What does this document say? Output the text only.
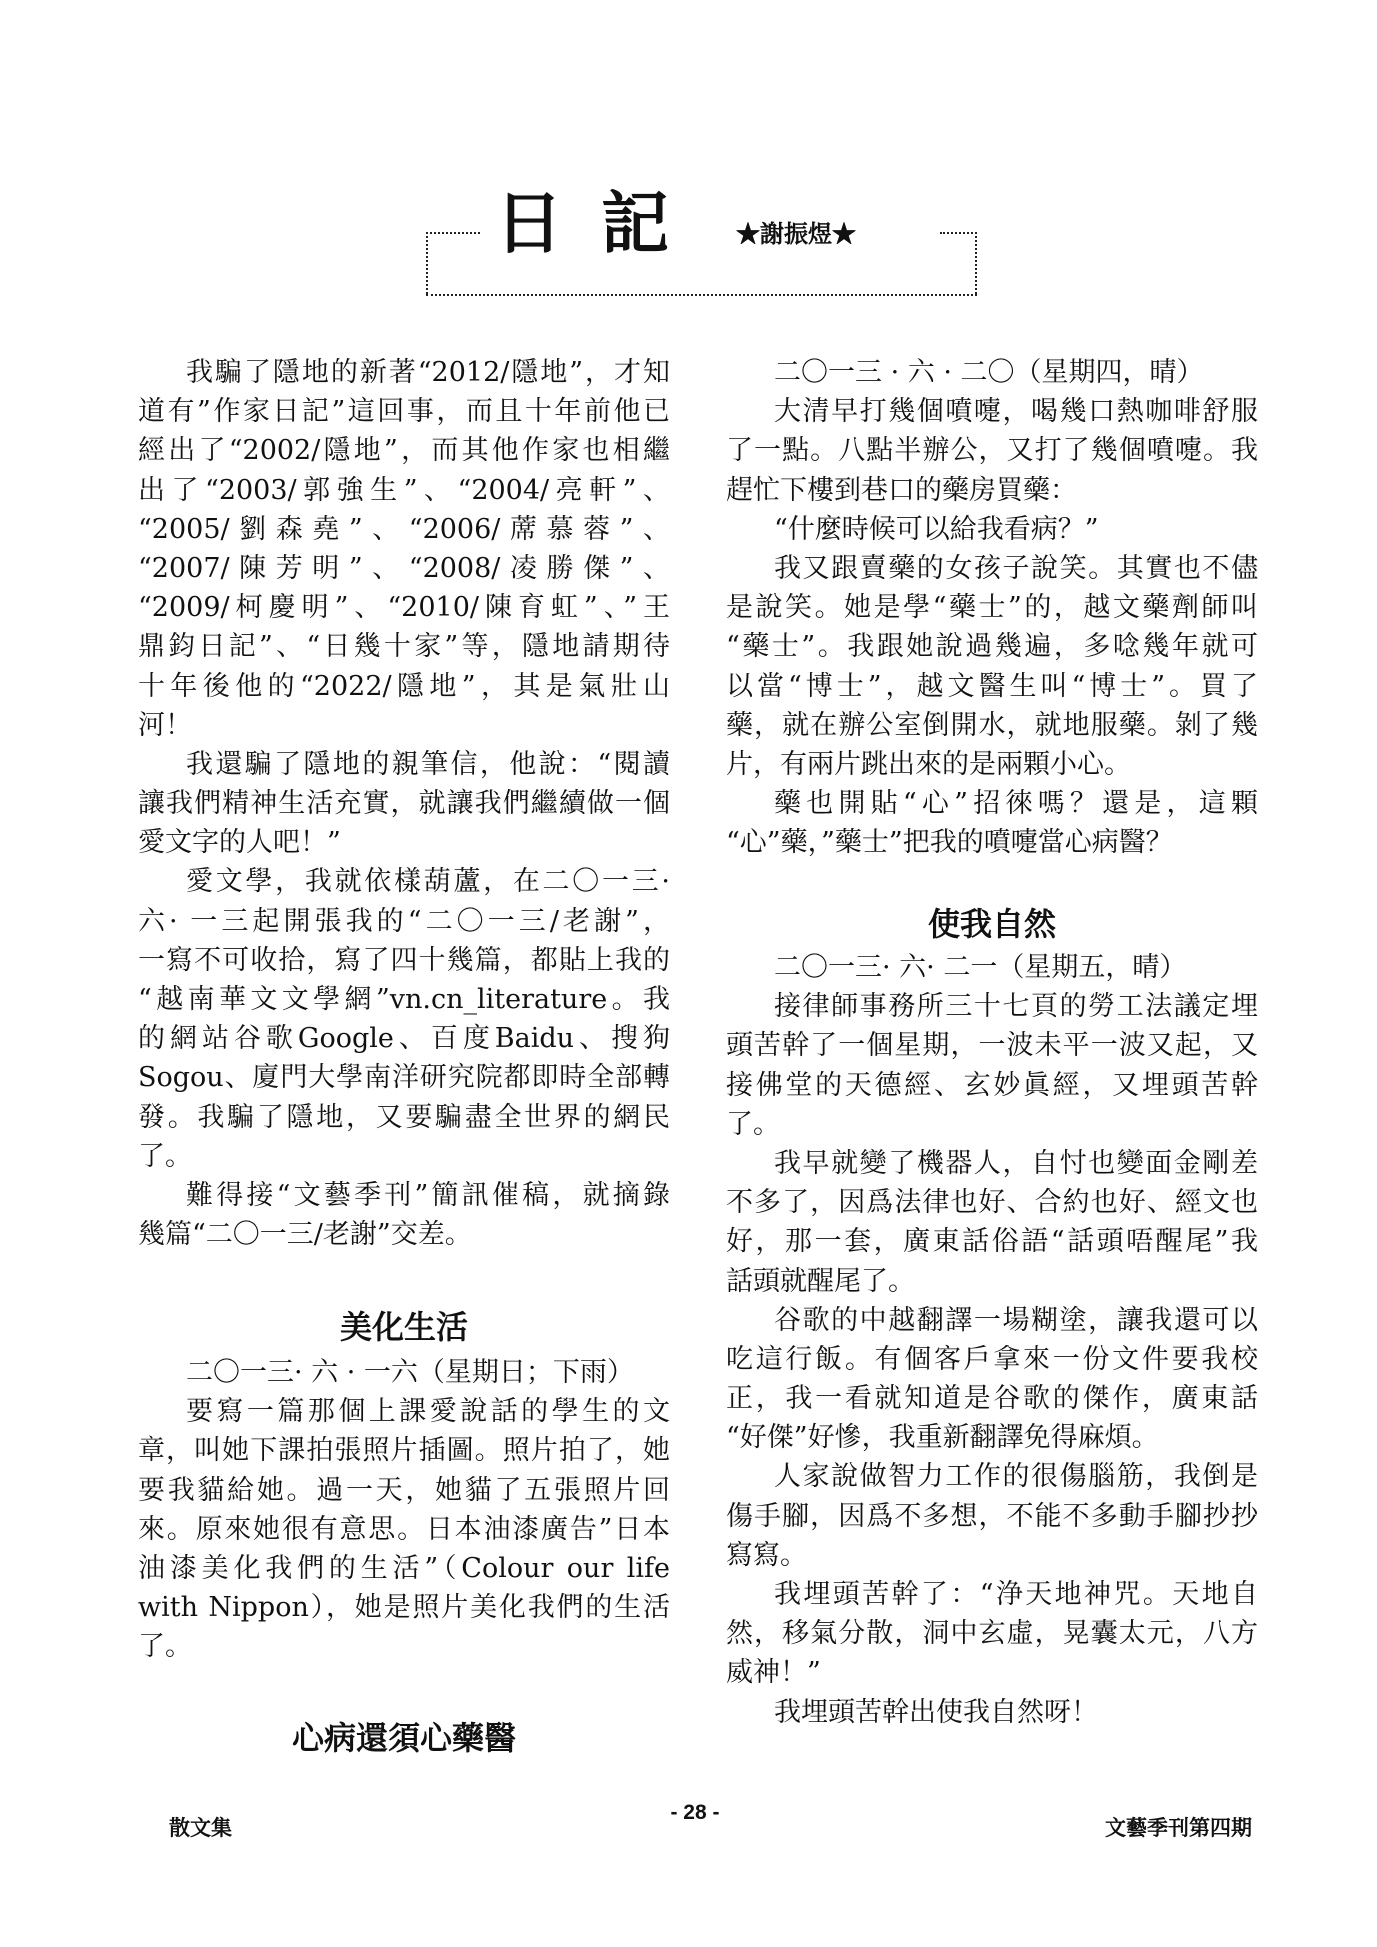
日記 ★謝振煜★
我騙了隱地的新著“2012/隱地”，才知
道有”作家日記”這回事，而且十年前他已
經出了“2002/隱地”，而其他作家也相繼
出了“2003/郭強生”、“2004/亮軒”、
“2005/劉森堯”、“2006/蓆慕蓉”、
“2007/陳芳明”、“2008/凌勝傑”、
“2009/柯慶明”、“2010/陳育虹”、”王
鼎鈞日記”、“日幾十家”等，隱地請期待
十年後他的“2022/隱地”，其是氣壯山
河！
我還騙了隱地的親筆信，他說：“閱讀
讓我們精神生活充實，就讓我們繼續做一個
愛文字的人吧！”
愛文學，我就依樣葫蘆，在二〇一三·
六· 一三起開張我的“二〇一三/老謝”，
一寫不可收拾，寫了四十幾篇，都貼上我的
“越南華文文學網”vn.cn_literature。我
的網站谷歌Google、百度Baidu、搜狗
Sogou、廈門大學南洋研究院都即時全部轉
發。我騙了隱地，又要騙盡全世界的網民
了。
難得接“文藝季刊”簡訊催稿，就摘錄
幾篇“二〇一三/老謝”交差。
美化生活
二〇一三· 六 · 一六（星期日；下雨）
要寫一篇那個上課愛說話的學生的文
章，叫她下課拍張照片插圖。照片拍了，她
要我貓給她。過一天，她貓了五張照片回
來。原來她很有意思。日本油漆廣告”日本
油漆美化我們的生活”（Colour our life
with Nippon），她是照片美化我們的生活
了。
心病還須心藥醫
二〇一三 · 六 · 二〇（星期四，晴）
大清早打幾個噴嚏，喝幾口熱咖啡舒服
了一點。八點半辦公，又打了幾個噴嚏。我
趕忙下樓到巷口的藥房買藥：
“什麼時候可以給我看病？”
我又跟賣藥的女孩子說笑。其實也不儘
是說笑。她是學“藥士”的，越文藥劑師叫
“藥士”。我跟她說過幾遍，多唸幾年就可
以當“博士”，越文醫生叫“博士”。買了
藥，就在辦公室倒開水，就地服藥。剝了幾
片，有兩片跳出來的是兩顆小心。
藥也開貼“心”招徠嗎？還是，這顆
“心”藥，”藥士”把我的噴嚏當心病醫？
使我自然
二〇一三· 六· 二一（星期五，晴）
接律師事務所三十七頁的勞工法議定埋
頭苦幹了一個星期，一波未平一波又起，又
接佛堂的天德經、玄妙眞經，又埋頭苦幹
了。
我早就變了機器人，自忖也變面金剛差
不多了，因爲法律也好、合約也好、經文也
好，那一套，廣東話俗語“話頭唔醒尾”我
話頭就醒尾了。
谷歌的中越翻譯一場糊塗，讓我還可以
吃這行飯。有個客戶拿來一份文件要我校
正，我一看就知道是谷歌的傑作，廣東話
“好傑”好慘，我重新翻譯免得麻煩。
人家說做智力工作的很傷腦筋，我倒是
傷手腳，因爲不多想，不能不多動手腳抄抄
寫寫。
我埋頭苦幹了：“浄天地神咒。天地自
然，移氣分散，洞中玄虛，晃囊太元，八方
威神！”
我埋頭苦幹出使我自然呀！
散文集
- 28 -
文藝季刊第四期
